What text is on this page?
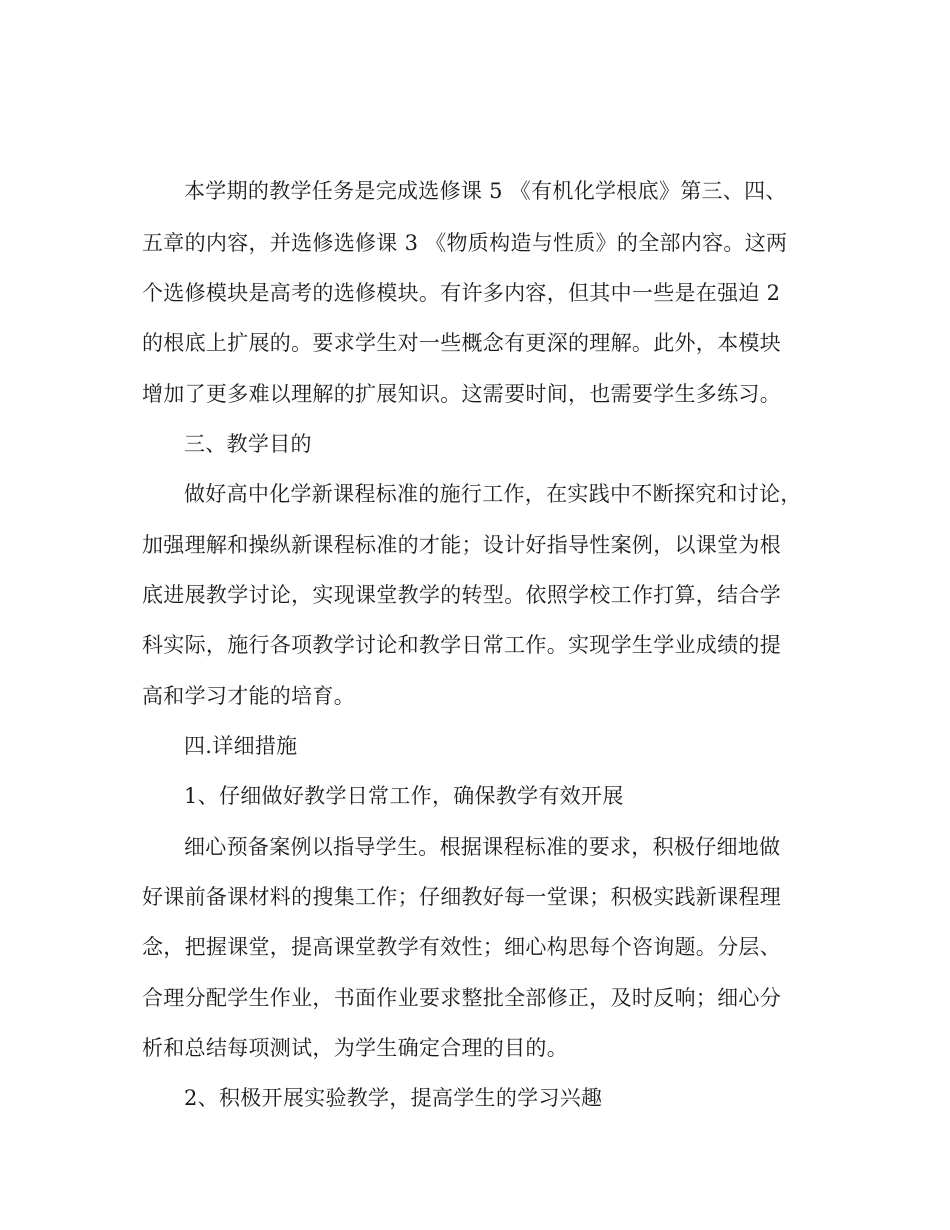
本学期的教学任务是完成选修课 5 《有机化学根底》第三、四、
五章的内容，并选修选修课 3 《物质构造与性质》的全部内容。这两
个选修模块是高考的选修模块。有许多内容，但其中一些是在强迫 2
的根底上扩展的。要求学生对一些概念有更深的理解。此外，本模块
增加了更多难以理解的扩展知识。这需要时间，也需要学生多练习。
三、教学目的
做好高中化学新课程标准的施行工作，在实践中不断探究和讨论，
加强理解和操纵新课程标准的才能；设计好指导性案例，以课堂为根
底进展教学讨论，实现课堂教学的转型。依照学校工作打算，结合学
科实际，施行各项教学讨论和教学日常工作。实现学生学业成绩的提
高和学习才能的培育。
四.详细措施
1、仔细做好教学日常工作，确保教学有效开展
细心预备案例以指导学生。根据课程标准的要求，积极仔细地做
好课前备课材料的搜集工作；仔细教好每一堂课；积极实践新课程理
念，把握课堂，提高课堂教学有效性；细心构思每个咨询题。分层、
合理分配学生作业，书面作业要求整批全部修正，及时反响；细心分
析和总结每项测试，为学生确定合理的目的。
2、积极开展实验教学，提高学生的学习兴趣
